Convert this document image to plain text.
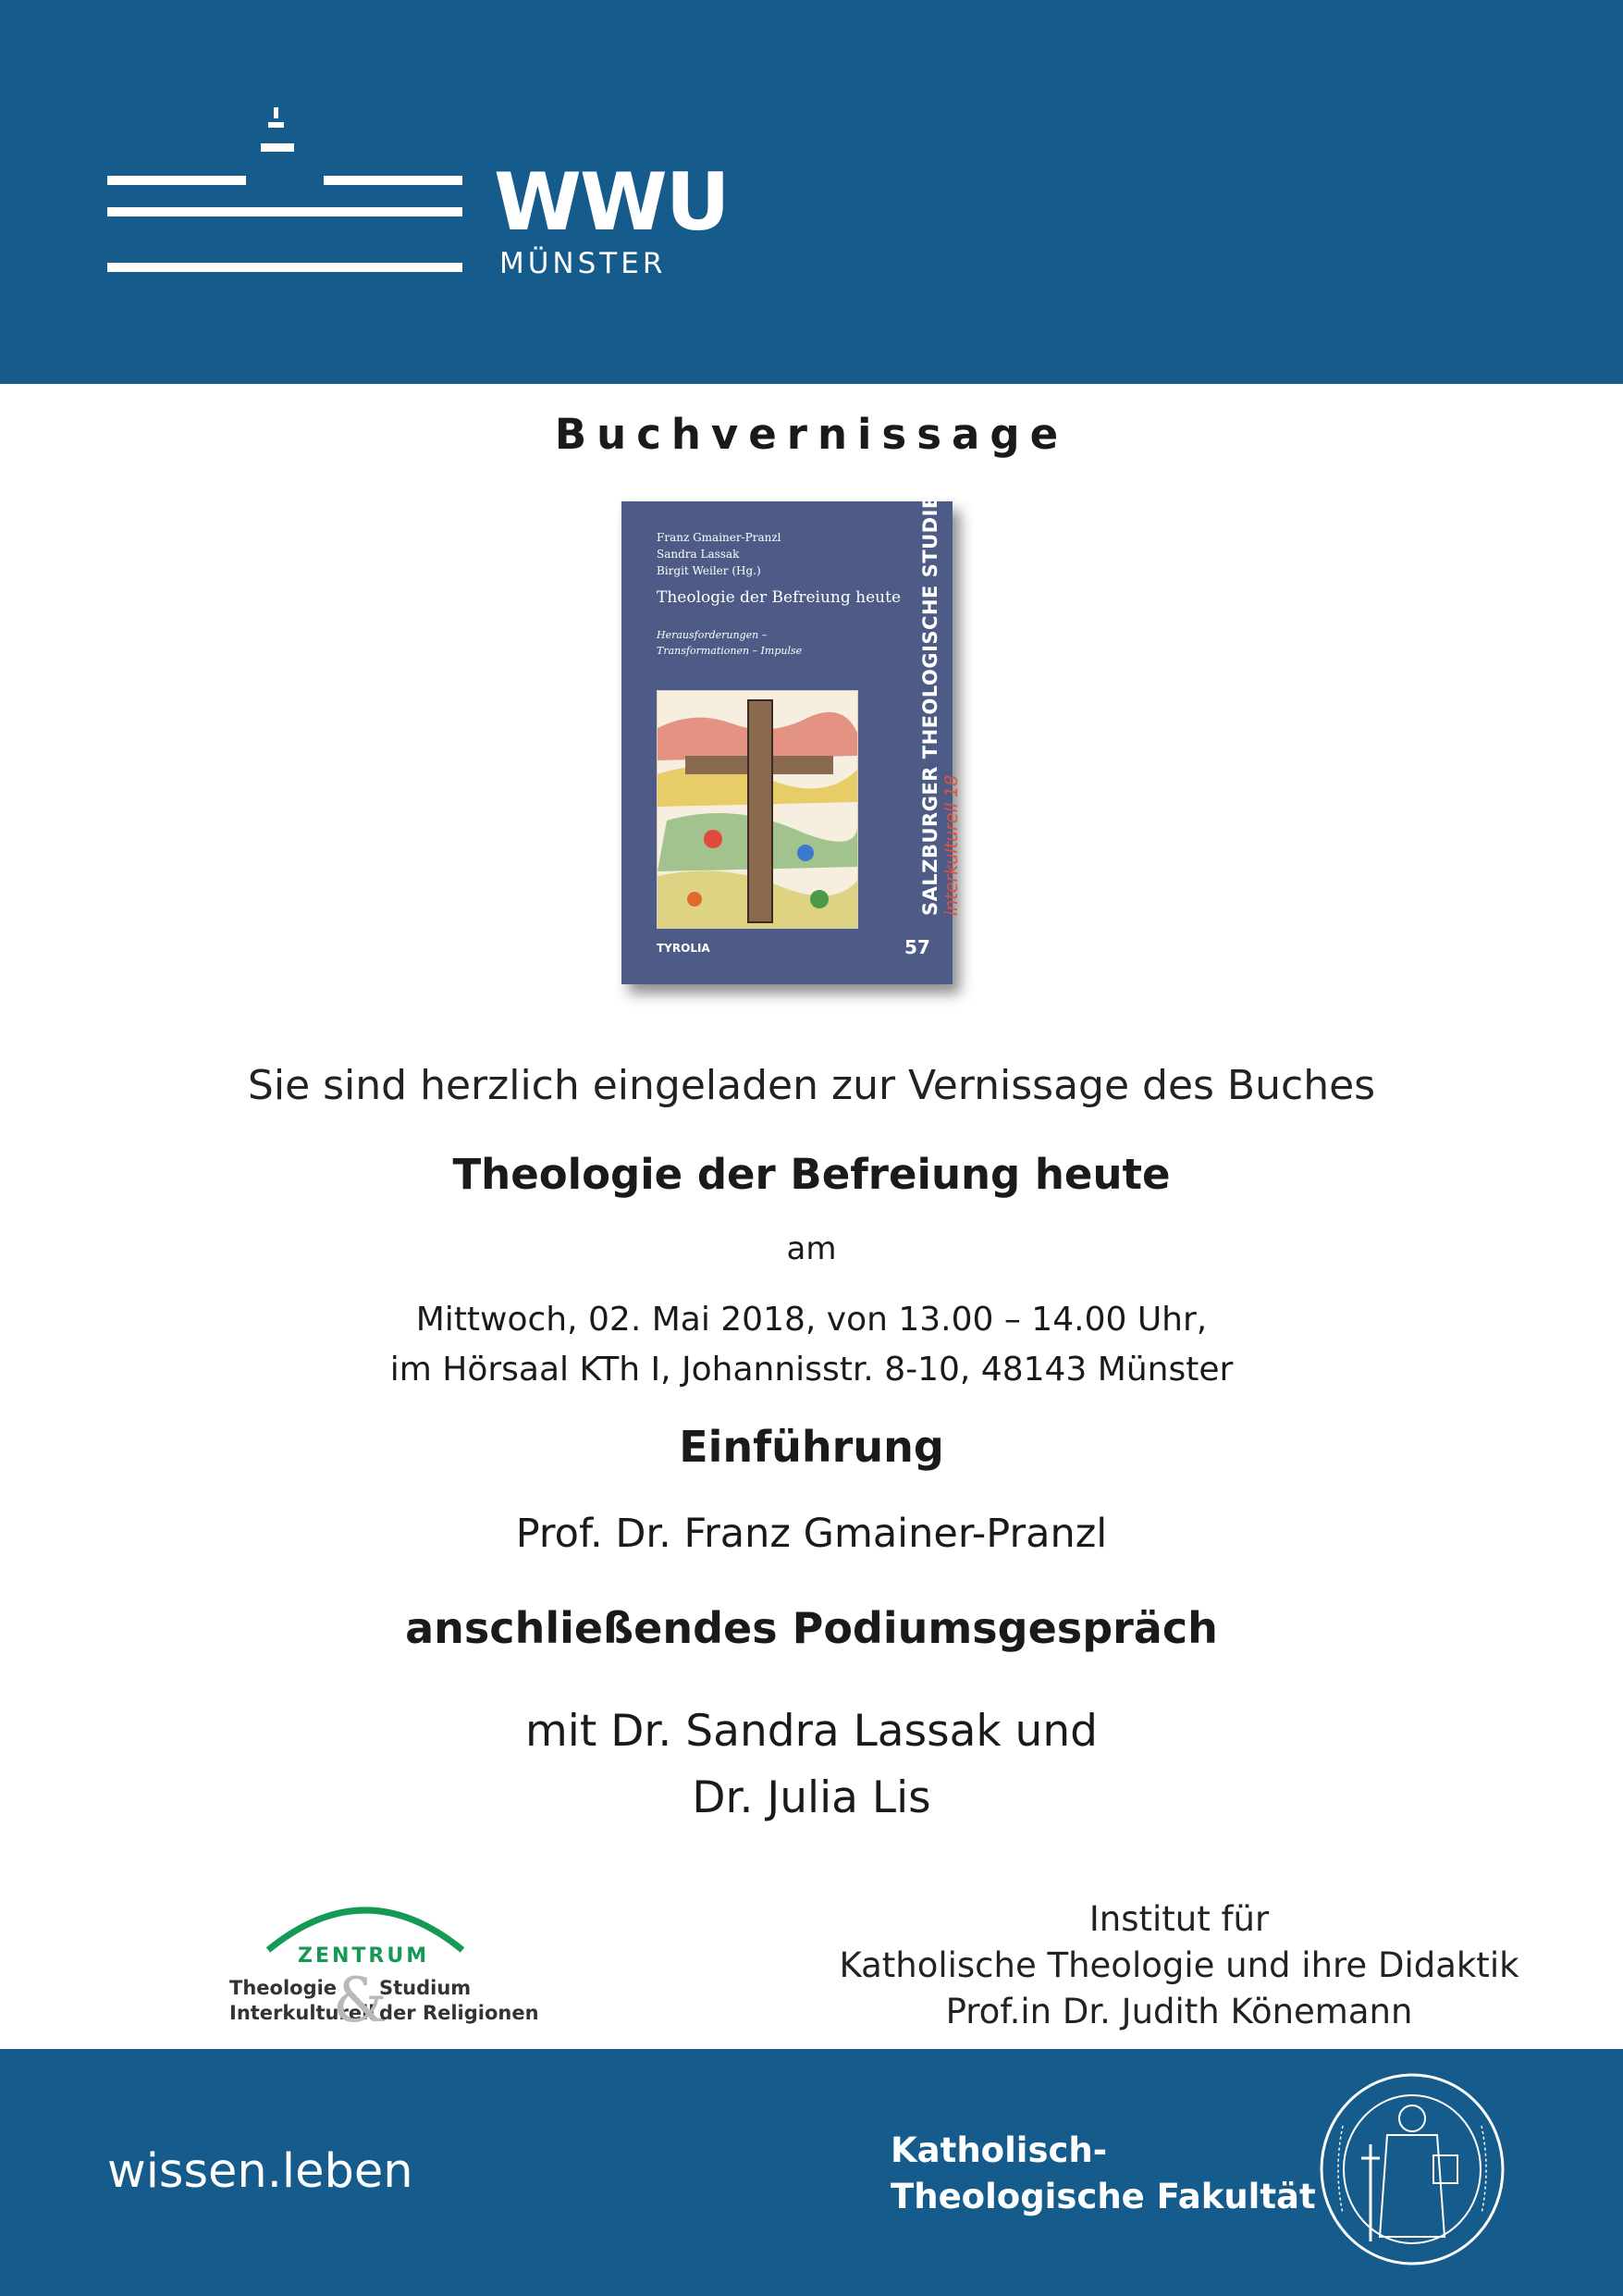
WWU
MÜNSTER
Buchvernissage
Franz Gmainer-Pranzl
Sandra Lassak
Birgit Weiler (Hg.)
Theologie der Befreiung heute
Herausforderungen –
Transformationen – Impulse
TYROLIA
SALZBURGER THEOLOGISCHE STUDIEN interkulturell 18
57
Sie sind herzlich eingeladen zur Vernissage des Buches
Theologie der Befreiung heute
am
Mittwoch, 02. Mai 2018, von 13.00 – 14.00 Uhr,
im Hörsaal KTh I, Johannisstr. 8-10, 48143 Münster
Einführung
Prof. Dr. Franz Gmainer-Pranzl
anschließendes Podiumsgespräch
mit Dr. Sandra Lassak und
Dr. Julia Lis
ZENTRUM
Theologie
Interkulturell
&
Studium
der Religionen
Institut für
Katholische Theologie und ihre Didaktik
Prof.in Dr. Judith Könemann
wissen.leben	Katholisch-
Theologische Fakultät
